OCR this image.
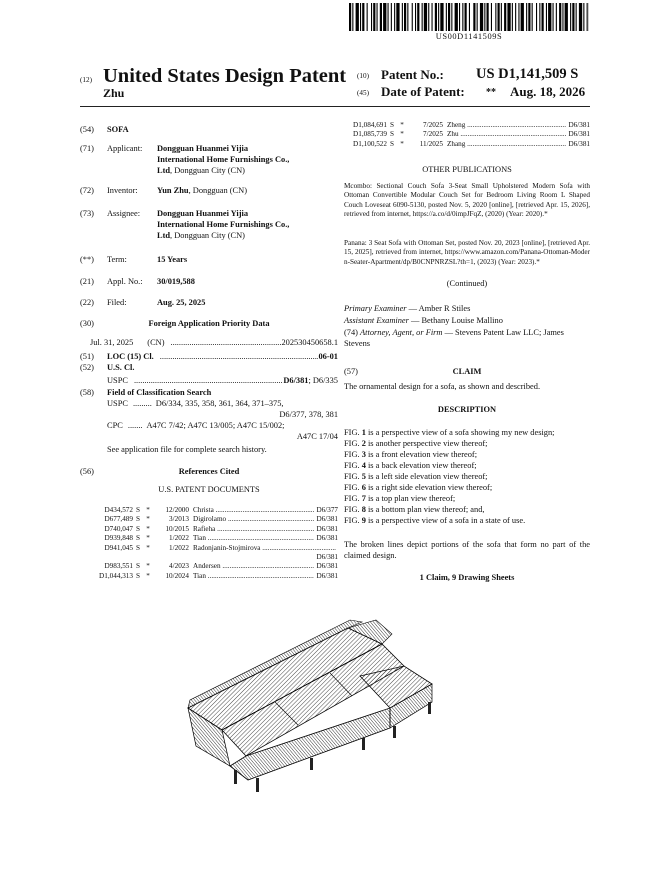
US00D1141509S
(12) United States Design Patent
Zhu
(10) Patent No.: US D1,141,509 S
(45) Date of Patent: ** Aug. 18, 2026
(54) SOFA
(71) Applicant: Dongguan Huanmei Yijia
International Home Furnishings Co.,
Ltd, Dongguan City (CN)
(72) Inventor: Yun Zhu, Dongguan (CN)
(73) Assignee: Dongguan Huanmei Yijia
International Home Furnishings Co.,
Ltd, Dongguan City (CN)
(**) Term:	15 Years
(21) Appl. No.: 30/019,588
(22) Filed:	Aug. 25, 2025
(30)	Foreign Application Priority Data
Jul. 31, 2025 (CN) .....	202530450658.1
(51) LOC (15) Cl. .....	06-01
(52) U.S. Cl.
USPC .....	D6/381 ; D6/335
(58) Field of Classification Search
USPC ......... D6/334, 335, 358, 361, 364, 371–375,
D6/377, 378, 381
CPC ....... A47C 7/42; A47C 13/005; A47C 15/002;
A47C 17/04
See application file for complete search history.
(56)	References Cited
U.S. PATENT DOCUMENTS
D434,572 S *	12/2000 Christa .....	D6/377
D677,489 S *	3/2013 Digirolamo .....	D6/381
D740,047 S *	10/2015 Rafieha .....	D6/381
D939,848 S *	1/2022 Tian .....	D6/381
D941,045 S *	1/2022 Radonjanin-Stojmirova .....
D6/381
D983,551 S *	4/2023 Andersen .....	D6/381
D1,044,313 S *	10/2024 Tian .....	D6/381
D1,084,691 S *	7/2025 Zheng .....	D6/381
D1,085,739 S *	7/2025 Zhu .....	D6/381
D1,100,522 S *	11/2025 Zhang .....	D6/381
OTHER PUBLICATIONS
Mcombo: Sectional Couch Sofa 3-Seat Small Upholstered Modern Sofa with Ottoman Convertible Modular Couch Set for Bedroom Living Room L Shaped Couch Loveseat 6090-5130, posted Nov. 5, 2020 [online], [retrieved Apr. 15, 2026], retrieved from internet, https://a.co/d/0impJFqZ, (2020) (Year: 2020).*
Panana: 3 Seat Sofa with Ottoman Set, posted Nov. 20, 2023 [online], [retrieved Apr. 15, 2025], retrieved from internet, https://www.amazon.com/Panana-Ottoman-Modern-Seater-Apartment/dp/B0CNPNRZSL?th=1, (2023) (Year: 2023).*
(Continued)
Primary Examiner — Amber R Stiles
Assistant Examiner — Bethany Louise Mallino
(74) Attorney, Agent, or Firm — Stevens Patent Law LLC; James Stevens
(57)	CLAIM
The ornamental design for a sofa, as shown and described.
DESCRIPTION
FIG. 1 is a perspective view of a sofa showing my new design;
FIG. 2 is another perspective view thereof;
FIG. 3 is a front elevation view thereof;
FIG. 4 is a back elevation view thereof;
FIG. 5 is a left side elevation view thereof;
FIG. 6 is a right side elevation view thereof;
FIG. 7 is a top plan view thereof;
FIG. 8 is a bottom plan view thereof; and,
FIG. 9 is a perspective view of a sofa in a state of use.
The broken lines depict portions of the sofa that form no part of the claimed design.
1 Claim, 9 Drawing Sheets
